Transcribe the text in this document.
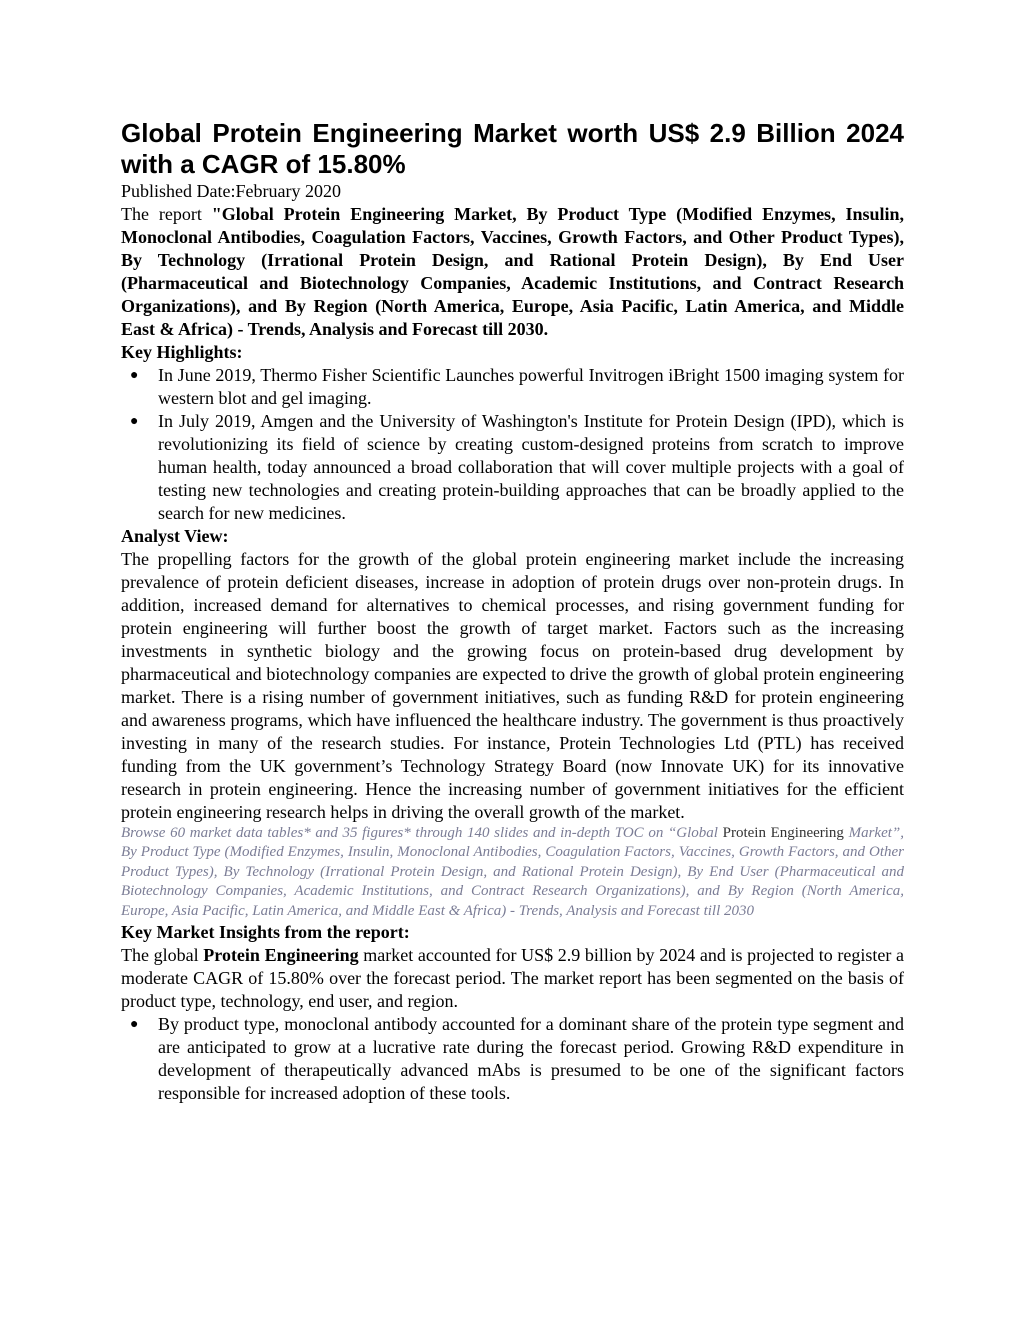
Global Protein Engineering Market worth US$ 2.9 Billion 2024 with a CAGR of 15.80%

Published Date:February 2020

The report "Global Protein Engineering Market, By Product Type (Modified Enzymes, Insulin, Monoclonal Antibodies, Coagulation Factors, Vaccines, Growth Factors, and Other Product Types), By Technology (Irrational Protein Design, and Rational Protein Design), By End User (Pharmaceutical and Biotechnology Companies, Academic Institutions, and Contract Research Organizations), and By Region (North America, Europe, Asia Pacific, Latin America, and Middle East & Africa) - Trends, Analysis and Forecast till 2030.

Key Highlights:

● In June 2019, Thermo Fisher Scientific Launches powerful Invitrogen iBright 1500 imaging system for western blot and gel imaging.
● In July 2019, Amgen and the University of Washington's Institute for Protein Design (IPD), which is revolutionizing its field of science by creating custom-designed proteins from scratch to improve human health, today announced a broad collaboration that will cover multiple projects with a goal of testing new technologies and creating protein-building approaches that can be broadly applied to the search for new medicines.

Analyst View:

The propelling factors for the growth of the global protein engineering market include the increasing prevalence of protein deficient diseases, increase in adoption of protein drugs over non-protein drugs. In addition, increased demand for alternatives to chemical processes, and rising government funding for protein engineering will further boost the growth of target market. Factors such as the increasing investments in synthetic biology and the growing focus on protein-based drug development by pharmaceutical and biotechnology companies are expected to drive the growth of global protein engineering market. There is a rising number of government initiatives, such as funding R&D for protein engineering and awareness programs, which have influenced the healthcare industry. The government is thus proactively investing in many of the research studies. For instance, Protein Technologies Ltd (PTL) has received funding from the UK government’s Technology Strategy Board (now Innovate UK) for its innovative research in protein engineering. Hence the increasing number of government initiatives for the efficient protein engineering research helps in driving the overall growth of the market.

Browse 60 market data tables* and 35 figures* through 140 slides and in-depth TOC on “Global Protein Engineering Market”, By Product Type (Modified Enzymes, Insulin, Monoclonal Antibodies, Coagulation Factors, Vaccines, Growth Factors, and Other Product Types), By Technology (Irrational Protein Design, and Rational Protein Design), By End User (Pharmaceutical and Biotechnology Companies, Academic Institutions, and Contract Research Organizations), and By Region (North America, Europe, Asia Pacific, Latin America, and Middle East & Africa) - Trends, Analysis and Forecast till 2030

Key Market Insights from the report:

The global Protein Engineering market accounted for US$ 2.9 billion by 2024 and is projected to register a moderate CAGR of 15.80% over the forecast period. The market report has been segmented on the basis of product type, technology, end user, and region.

● By product type, monoclonal antibody accounted for a dominant share of the protein type segment and are anticipated to grow at a lucrative rate during the forecast period. Growing R&D expenditure in development of therapeutically advanced mAbs is presumed to be one of the significant factors responsible for increased adoption of these tools.
